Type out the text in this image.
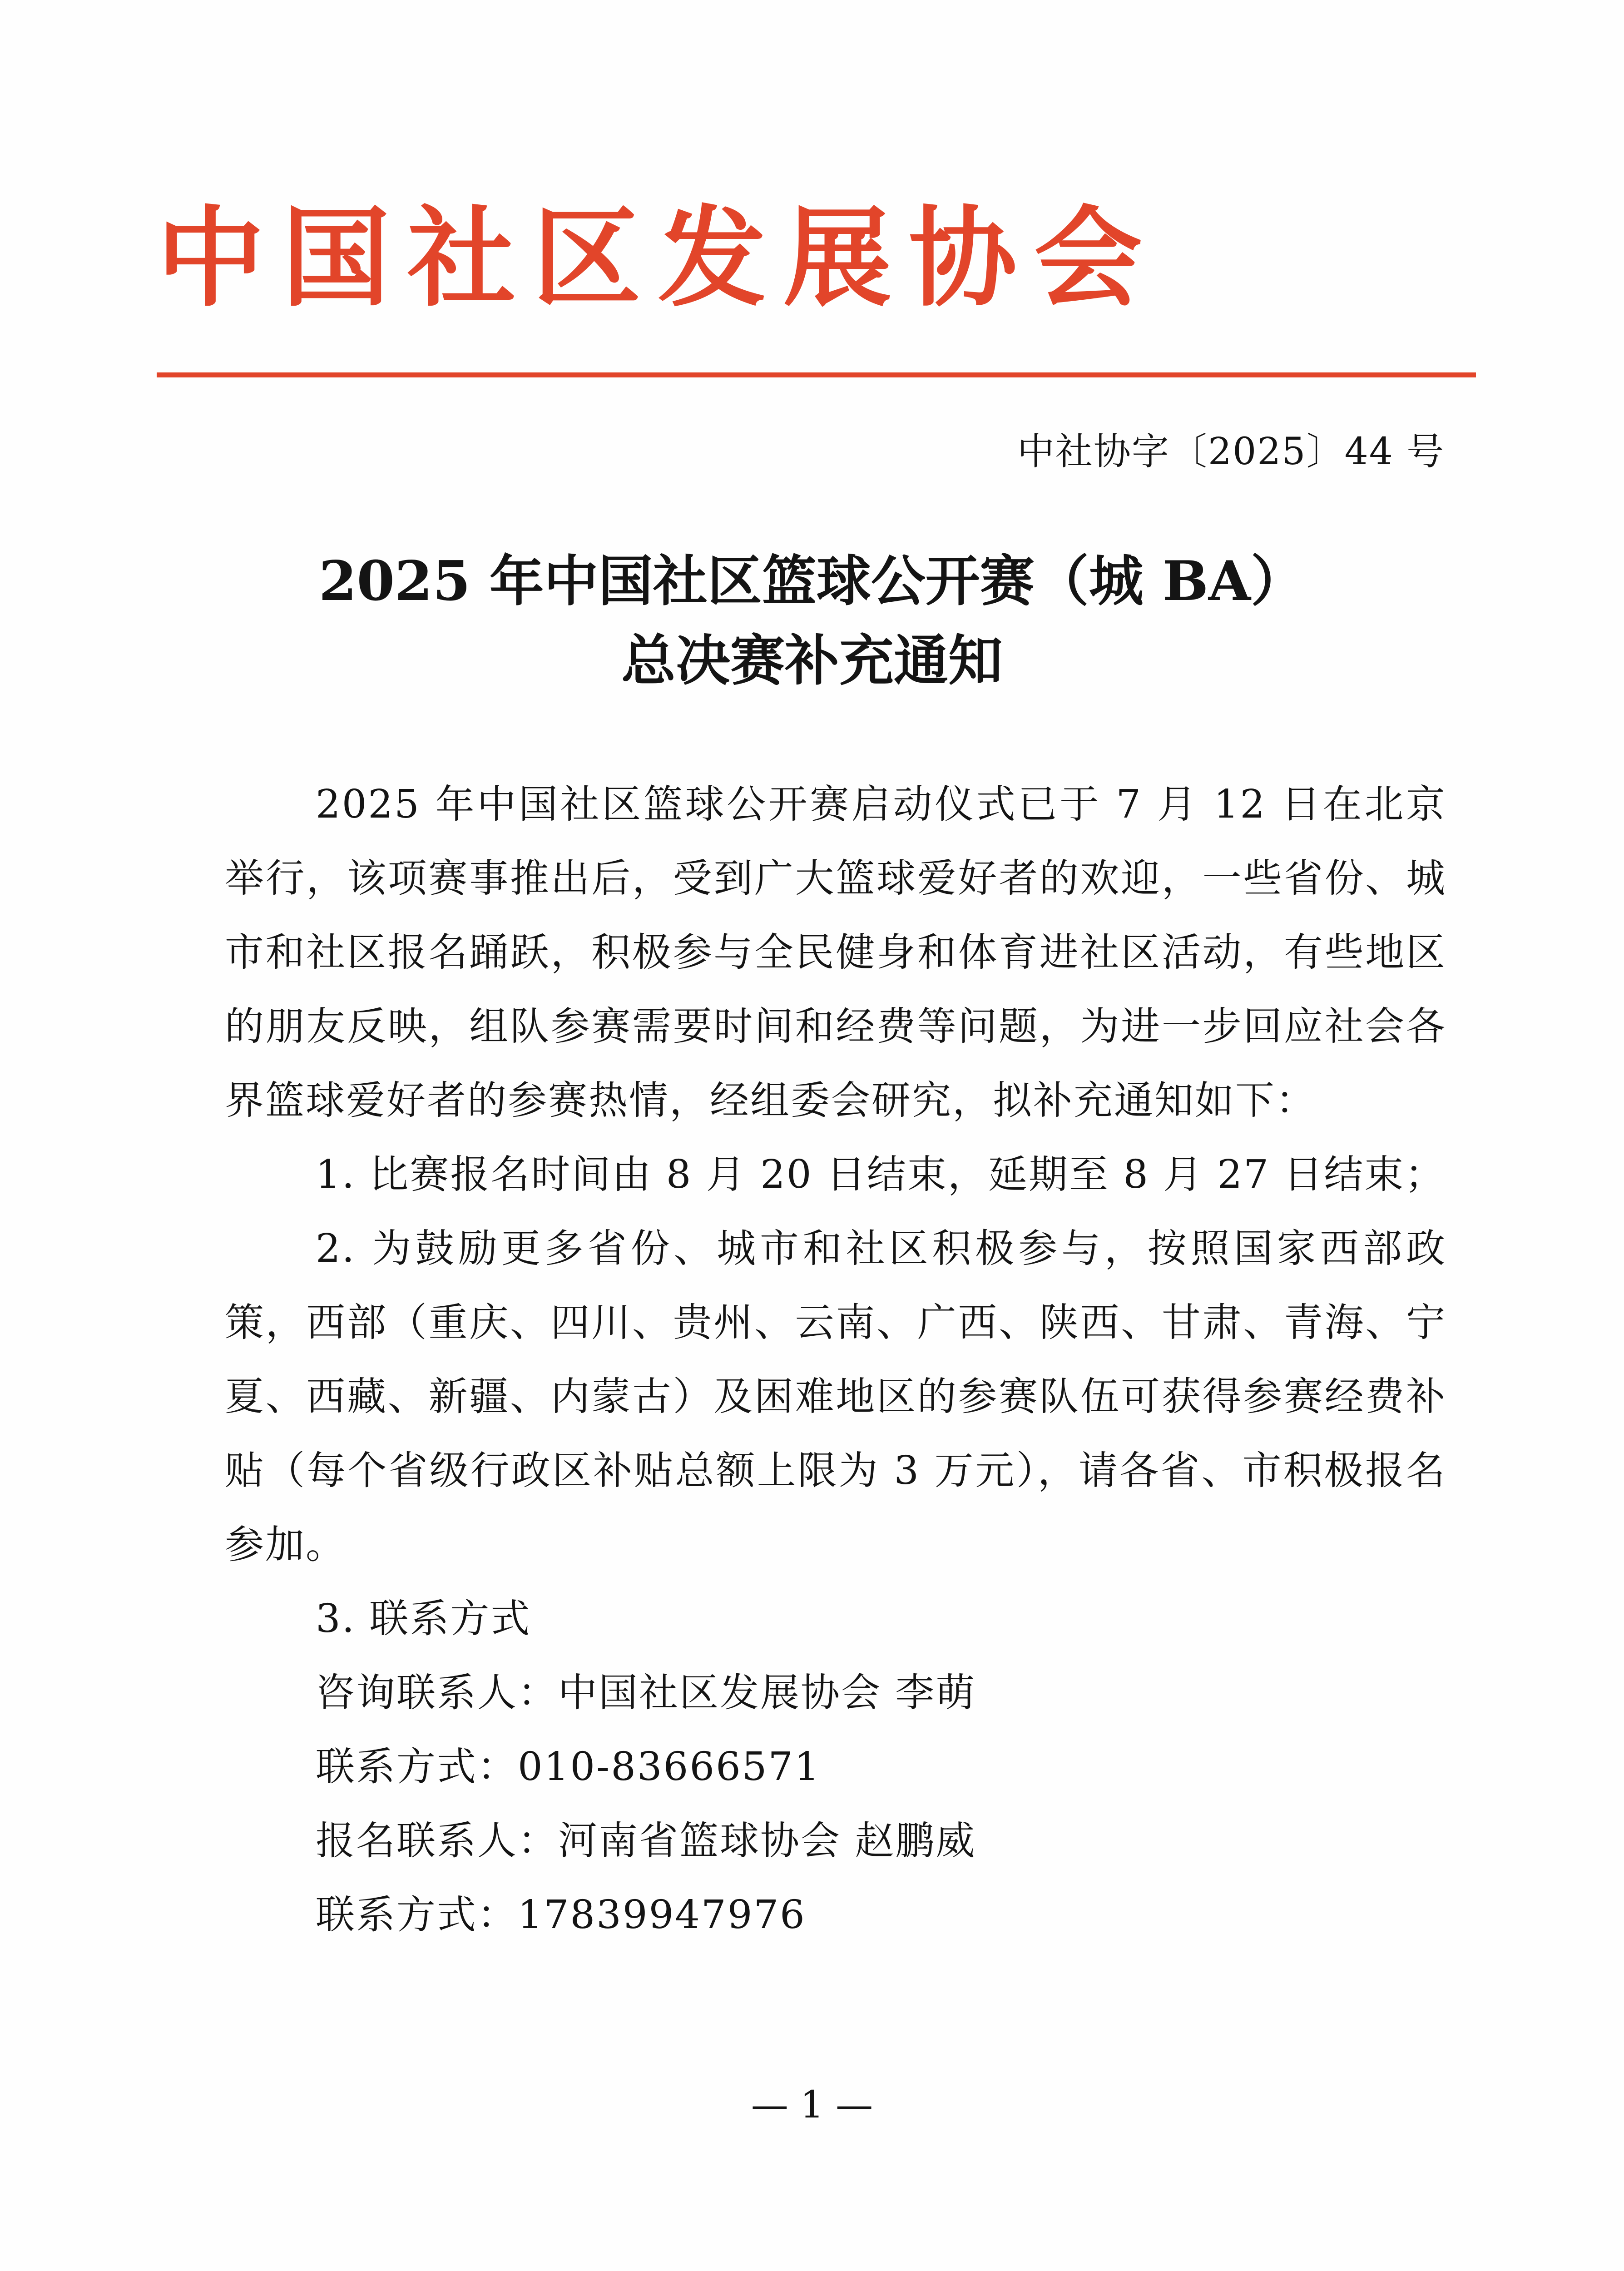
中国社区发展协会
中社协字〔2025〕44 号
2025 年中国社区篮球公开赛（城 BA）
总决赛补充通知

2025 年中国社区篮球公开赛启动仪式已于 7 月 12 日在北京举行，该项赛事推出后，受到广大篮球爱好者的欢迎，一些省份、城市和社区报名踊跃，积极参与全民健身和体育进社区活动，有些地区的朋友反映，组队参赛需要时间和经费等问题，为进一步回应社会各界篮球爱好者的参赛热情，经组委会研究，拟补充通知如下：

1. 比赛报名时间由 8 月 20 日结束，延期至 8 月 27 日结束；

2. 为鼓励更多省份、城市和社区积极参与，按照国家西部政策，西部（重庆、四川、贵州、云南、广西、陕西、甘肃、青海、宁夏、西藏、新疆、内蒙古）及困难地区的参赛队伍可获得参赛经费补贴（每个省级行政区补贴总额上限为 3 万元），请各省、市积极报名参加。

3. 联系方式

咨询联系人：中国社区发展协会 李萌

联系方式：010-83666571

报名联系人：河南省篮球协会 赵鹏威

联系方式：17839947976

— 1 —
